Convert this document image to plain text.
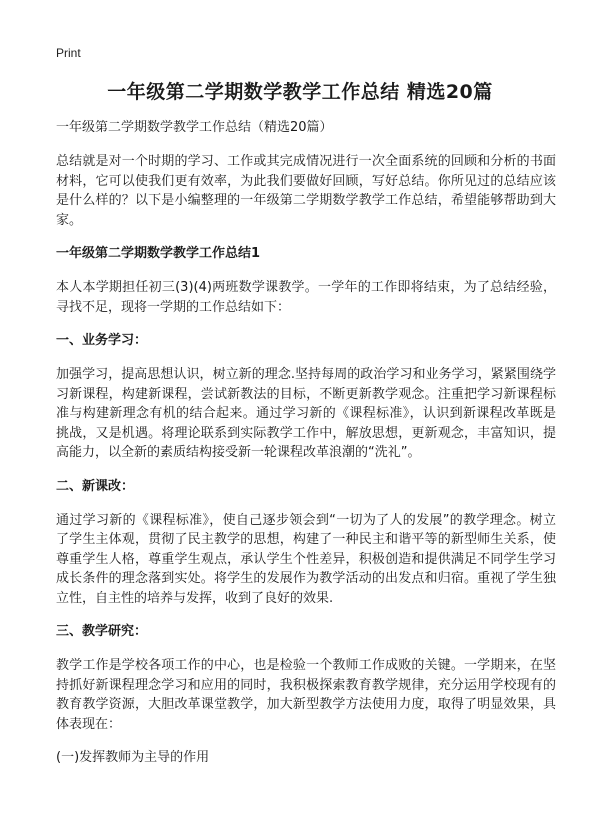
Print

一年级第二学期数学教学工作总结 精选20篇

一年级第二学期数学教学工作总结（精选20篇）

总结就是对一个时期的学习、工作或其完成情况进行一次全面系统的回顾和分析的书面材料，它可以使我们更有效率，为此我们要做好回顾，写好总结。你所见过的总结应该是什么样的？以下是小编整理的一年级第二学期数学教学工作总结，希望能够帮助到大家。

一年级第二学期数学教学工作总结1

本人本学期担任初三(3)(4)两班数学课教学。一学年的工作即将结束，为了总结经验，寻找不足，现将一学期的工作总结如下：

一、业务学习：

加强学习，提高思想认识，树立新的理念.坚持每周的政治学习和业务学习，紧紧围绕学习新课程，构建新课程，尝试新教法的目标，不断更新教学观念。注重把学习新课程标准与构建新理念有机的结合起来。通过学习新的《课程标准》，认识到新课程改革既是挑战，又是机遇。将理论联系到实际教学工作中，解放思想，更新观念，丰富知识，提高能力，以全新的素质结构接受新一轮课程改革浪潮的“洗礼”。

二、新课改：

通过学习新的《课程标准》，使自己逐步领会到“一切为了人的发展”的教学理念。树立了学生主体观，贯彻了民主教学的思想，构建了一种民主和谐平等的新型师生关系，使尊重学生人格，尊重学生观点，承认学生个性差异，积极创造和提供满足不同学生学习成长条件的理念落到实处。将学生的发展作为教学活动的出发点和归宿。重视了学生独立性，自主性的培养与发挥，收到了良好的效果.

三、教学研究：

教学工作是学校各项工作的中心，也是检验一个教师工作成败的关键。一学期来，在坚持抓好新课程理念学习和应用的同时，我积极探索教育教学规律，充分运用学校现有的教育教学资源，大胆改革课堂教学，加大新型教学方法使用力度，取得了明显效果，具体表现在：

(一)发挥教师为主导的作用
